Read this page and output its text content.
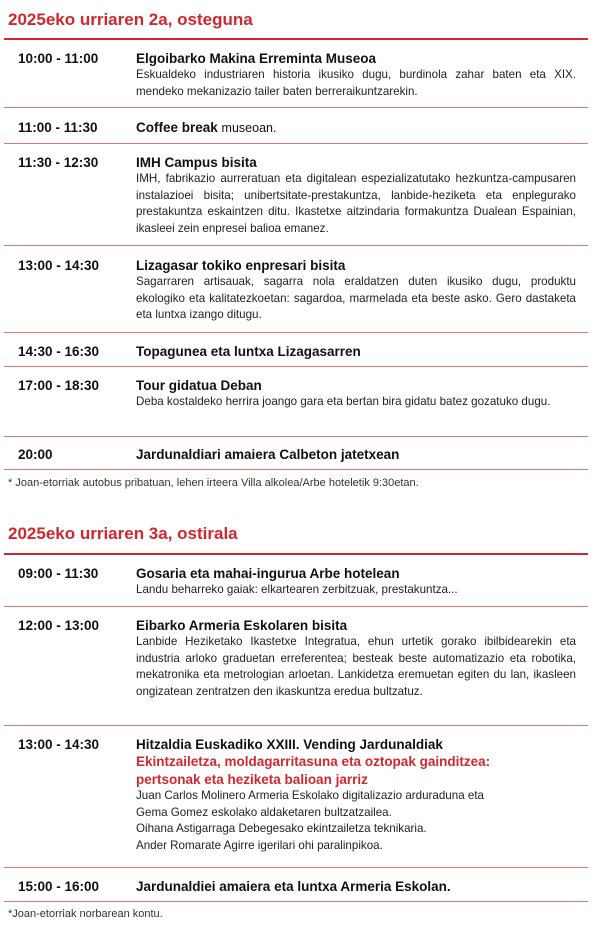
2025eko urriaren 2a, osteguna
10:00 - 11:00	Elgoibarko Makina Erreminta Museoa
Eskualdeko industriaren historia ikusiko dugu, burdinola zahar baten eta XIX. mendeko mekanizazio tailer baten berreraikuntzarekin.
11:00 - 11:30	Coffee break museoan.
11:30 - 12:30	IMH Campus bisita
IMH, fabrikazio aurreratuan eta digitalean espezializatutako hezkuntza-campusaren instalazioei bisita; unibertsitate-prestakuntza, lanbide-heziketa eta enplegurako prestakuntza eskaintzen ditu. Ikastetxe aitzindaria formakuntza Dualean Espainian, ikasleei zein enpresei balioa emanez.
13:00 - 14:30	Lizagasar tokiko enpresari bisita
Sagarraren artisauak, sagarra nola eraldatzen duten ikusiko dugu, produktu ekologiko eta kalitatezkoetan: sagardoa, marmelada eta beste asko. Gero dastaketa eta luntxa izango ditugu.
14:30 - 16:30	Topagunea eta luntxa Lizagasarren
17:00 - 18:30	Tour gidatua Deban
Deba kostaldeko herrira joango gara eta bertan bira gidatu batez gozatuko dugu.
20:00	Jardunaldiari amaiera Calbeton jatetxean
* Joan-etorriak autobus pribatuan, lehen irteera Villa alkolea/Arbe hoteletik 9:30etan.
2025eko urriaren 3a, ostirala
09:00 - 11:30	Gosaria eta mahai-ingurua Arbe hotelean
Landu beharreko gaiak: elkartearen zerbitzuak, prestakuntza...
12:00 - 13:00	Eibarko Armeria Eskolaren bisita
Lanbide Heziketako Ikastetxe Integratua, ehun urtetik gorako ibilbidearekin eta industria arloko graduetan erreferentea; besteak beste automatizazio eta robotika, mekatronika eta metrologian arloetan. Lankidetza eremuetan egiten du lan, ikasleen ongizatean zentratzen den ikaskuntza eredua bultzatuz.
13:00 - 14:30	Hitzaldia Euskadiko XXIII. Vending Jardunaldiak
Ekintzailetza, moldagarritasuna eta oztopak gainditzea:
pertsonak eta heziketa balioan jarriz
Juan Carlos Molinero Armeria Eskolako digitalizazio arduraduna eta
Gema Gomez eskolako aldaketaren bultzatzailea.
Oihana Astigarraga Debegesako ekintzailetza teknikaria.
Ander Romarate Agirre igerilari ohi paralinpikoa.
15:00 - 16:00	Jardunaldiei amaiera eta luntxa Armeria Eskolan.
*Joan-etorriak norbarean kontu.
